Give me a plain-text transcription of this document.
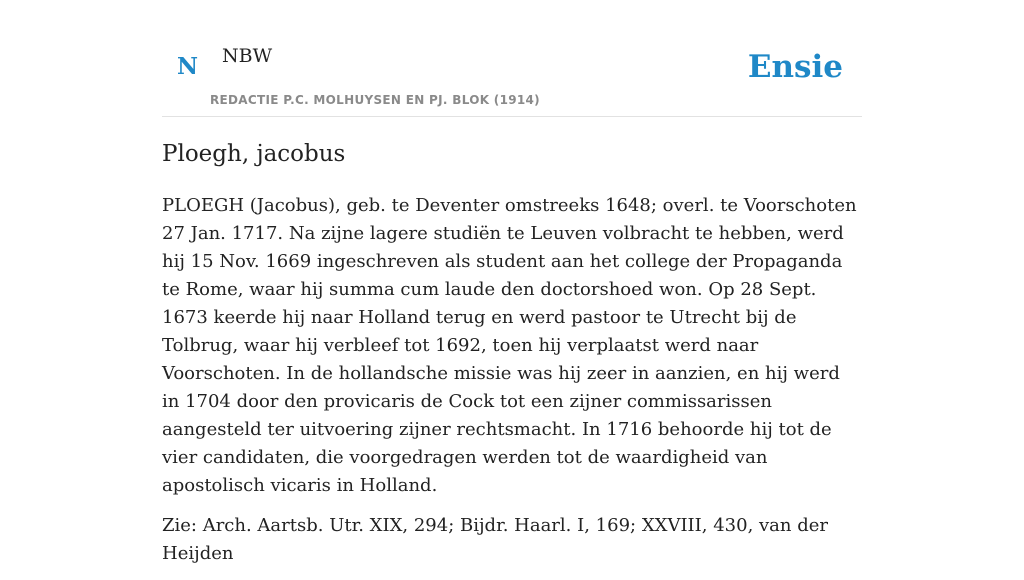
N NBW
REDACTIE P.C. MOLHUYSEN EN PJ. BLOK (1914)
Ensie
Ploegh, jacobus

PLOEGH (Jacobus), geb. te Deventer omstreeks 1648; overl. te Voorschoten 27 Jan. 1717. Na zijne lagere studiën te Leuven volbracht te hebben, werd hij 15 Nov. 1669 ingeschreven als student aan het college der Propaganda te Rome, waar hij summa cum laude den doctorshoed won. Op 28 Sept. 1673 keerde hij naar Holland terug en werd pastoor te Utrecht bij de Tolbrug, waar hij verbleef tot 1692, toen hij verplaatst werd naar Voorschoten. In de hollandsche missie was hij zeer in aanzien, en hij werd in 1704 door den provicaris de Cock tot een zijner commissarissen aangesteld ter uitvoering zijner rechtsmacht. In 1716 behoorde hij tot de vier candidaten, die voorgedragen werden tot de waardigheid van apostolisch vicaris in Holland.

Zie: Arch. Aartsb. Utr. XIX, 294; Bijdr. Haarl. I, 169; XXVIII, 430, van der Heijden
